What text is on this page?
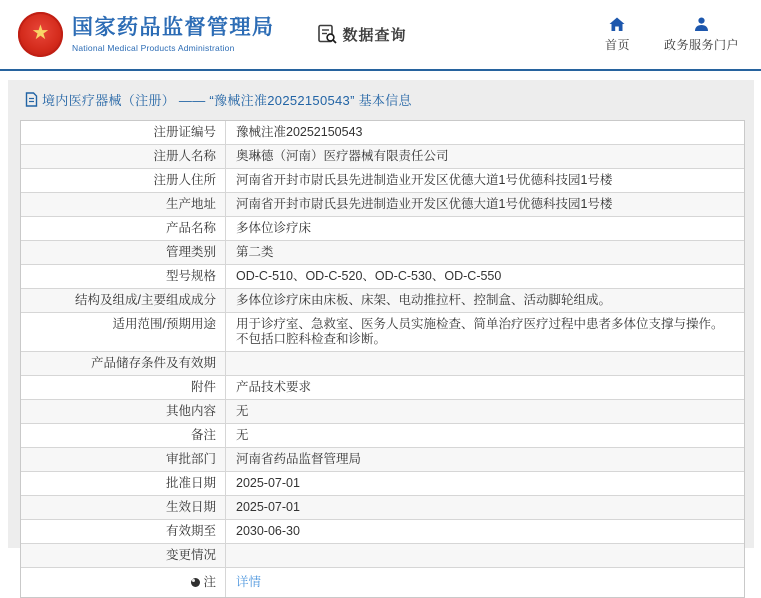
★ 国家药品监督管理局
National Medical Products Administration
数据查询
首页	政务服务门户
境内医疗器械（注册） —— “豫械注准20252150543” 基本信息
注册证编号	豫械注准20252150543
注册人名称	奥琳德（河南）医疗器械有限责任公司
注册人住所	河南省开封市尉氏县先进制造业开发区优德大道1号优德科技园1号楼
生产地址	河南省开封市尉氏县先进制造业开发区优德大道1号优德科技园1号楼
产品名称	多体位诊疗床
管理类别	第二类
型号规格	OD-C-510、OD-C-520、OD-C-530、OD-C-550
结构及组成/主要组成成分	多体位诊疗床由床板、床架、电动推拉杆、控制盒、活动脚轮组成。
适用范围/预期用途	用于诊疗室、急救室、医务人员实施检查、简单治疗医疗过程中患者多体位支撑与操作。不包括口腔科检查和诊断。
产品储存条件及有效期
附件	产品技术要求
其他内容	无
备注	无
审批部门	河南省药品监督管理局
批准日期	2025-07-01
生效日期	2025-07-01
有效期至	2030-06-30
变更情况
注	详情
